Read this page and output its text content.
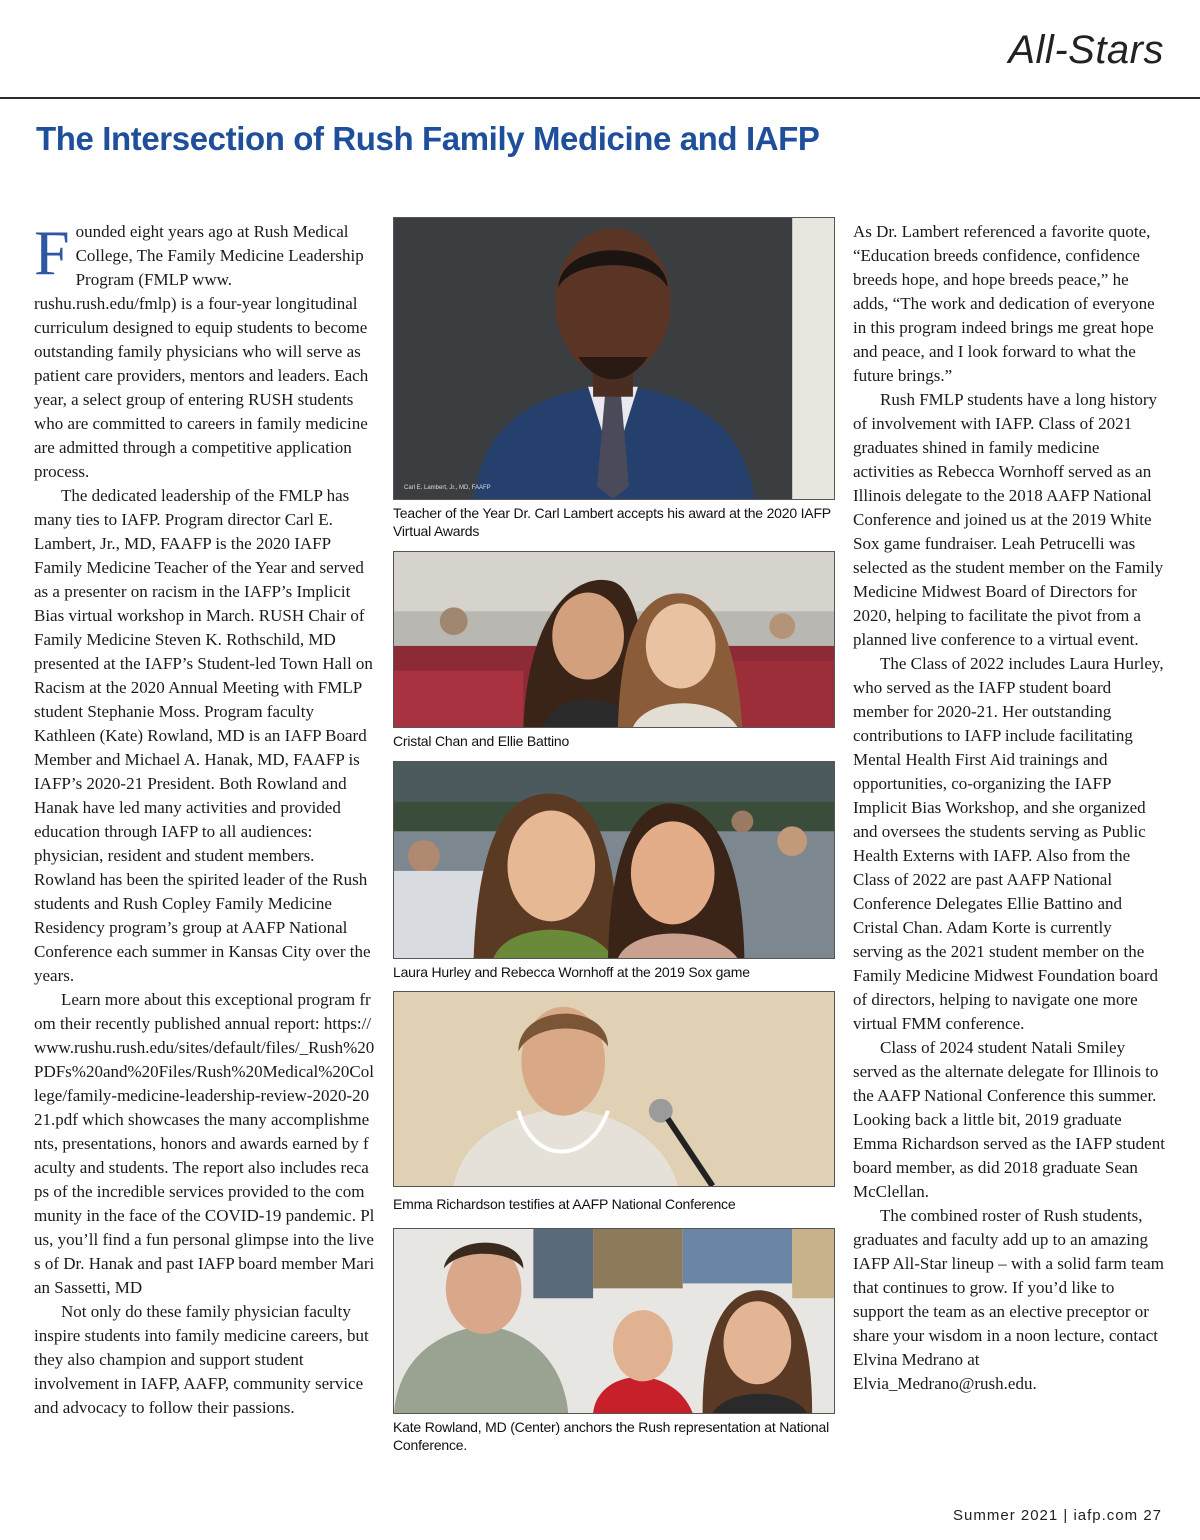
All-Stars
The Intersection of Rush Family Medicine and IAFP

Founded eight years ago at Rush Medical College, The Family Medicine Leadership Program (FMLP www. rushu.rush.edu/fmlp) is a four-year longitudinal curriculum designed to equip students to become outstanding family physicians who will serve as patient care providers, mentors and leaders. Each year, a select group of entering RUSH students who are committed to careers in family medicine are admitted through a competitive application process.

The dedicated leadership of the FMLP has many ties to IAFP. Program director Carl E. Lambert, Jr., MD, FAAFP is the 2020 IAFP Family Medicine Teacher of the Year and served as a presenter on racism in the IAFP’s Implicit Bias virtual workshop in March. RUSH Chair of Family Medicine Steven K. Rothschild, MD presented at the IAFP’s Student-led Town Hall on Racism at the 2020 Annual Meeting with FMLP student Stephanie Moss. Program faculty Kathleen (Kate) Rowland, MD is an IAFP Board Member and Michael A. Hanak, MD, FAAFP is IAFP’s 2020-21 President. Both Rowland and Hanak have led many activities and provided education through IAFP to all audiences: physician, resident and student members. Rowland has been the spirited leader of the Rush students and Rush Copley Family Medicine Residency program’s group at AAFP National Conference each summer in Kansas City over the years.

Learn more about this exceptional program from their recently published annual report: https://www.rushu.rush.edu/sites/default/files/_Rush%20PDFs%20and%20Files/Rush%20Medical%20College/family-medicine-leadership-review-2020-2021.pdf which showcases the many accomplishments, presentations, honors and awards earned by faculty and students. The report also includes recaps of the incredible services provided to the community in the face of the COVID-19 pandemic. Plus, you’ll find a fun personal glimpse into the lives of Dr. Hanak and past IAFP board member Marian Sassetti, MD

Not only do these family physician faculty inspire students into family medicine careers, but they also champion and support student involvement in IAFP, AAFP, community service and advocacy to follow their passions.

Carl E. Lambert, Jr., MD, FAAFP
Teacher of the Year Dr. Carl Lambert accepts his award at the 2020 IAFP Virtual Awards
Cristal Chan and Ellie Battino
Laura Hurley and Rebecca Wornhoff at the 2019 Sox game
Emma Richardson testifies at AAFP National Conference
Kate Rowland, MD (Center) anchors the Rush representation at National Conference.

As Dr. Lambert referenced a favorite quote, “Education breeds confidence, confidence breeds hope, and hope breeds peace,” he adds, “The work and dedication of everyone in this program indeed brings me great hope and peace, and I look forward to what the future brings.”

Rush FMLP students have a long history of involvement with IAFP. Class of 2021 graduates shined in family medicine activities as Rebecca Wornhoff served as an Illinois delegate to the 2018 AAFP National Conference and joined us at the 2019 White Sox game fundraiser. Leah Petrucelli was selected as the student member on the Family Medicine Midwest Board of Directors for 2020, helping to facilitate the pivot from a planned live conference to a virtual event.

The Class of 2022 includes Laura Hurley, who served as the IAFP student board member for 2020-21. Her outstanding contributions to IAFP include facilitating Mental Health First Aid trainings and opportunities, co-organizing the IAFP Implicit Bias Workshop, and she organized and oversees the students serving as Public Health Externs with IAFP. Also from the Class of 2022 are past AAFP National Conference Delegates Ellie Battino and Cristal Chan. Adam Korte is currently serving as the 2021 student member on the Family Medicine Midwest Foundation board of directors, helping to navigate one more virtual FMM conference.

Class of 2024 student Natali Smiley served as the alternate delegate for Illinois to the AAFP National Conference this summer. Looking back a little bit, 2019 graduate Emma Richardson served as the IAFP student board member, as did 2018 graduate Sean McClellan.

The combined roster of Rush students, graduates and faculty add up to an amazing IAFP All-Star lineup – with a solid farm team that continues to grow. If you’d like to support the team as an elective preceptor or share your wisdom in a noon lecture, contact Elvina Medrano at Elvia_Medrano@rush.edu.

Summer 2021 | iafp.com 27
